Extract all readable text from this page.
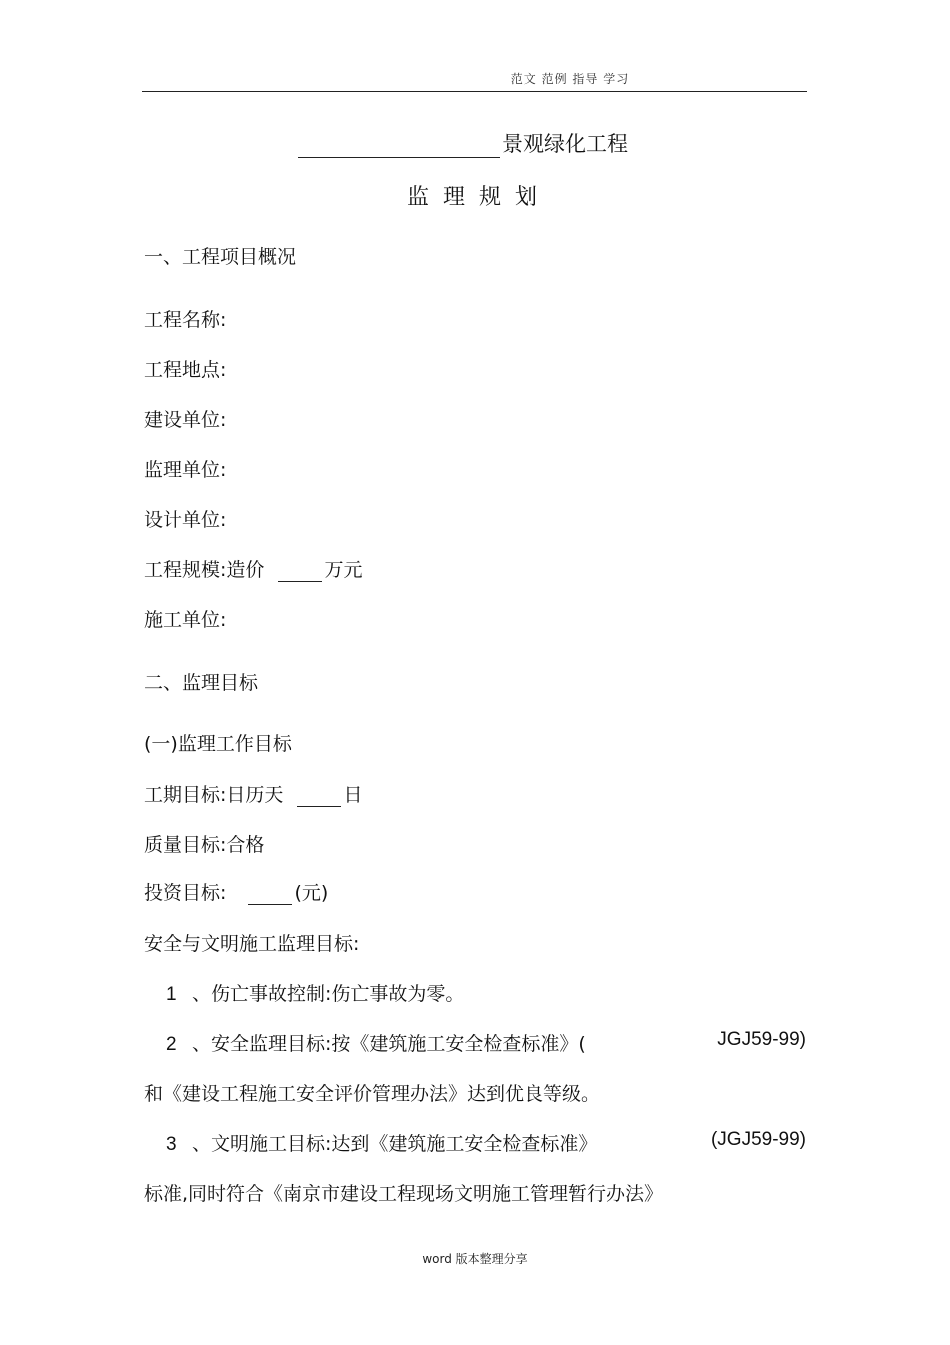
范文 范例 指导 学习
景观绿化工程
监理规划
一、工程项目概况
工程名称:
工程地点:
建设单位:
监理单位:
设计单位:
工程规模:造价	万元
施工单位:
二、监理目标
(一)监理工作目标
工期目标:日历天	日
质量目标:合格
投资目标:	(元)
安全与文明施工监理目标:
1 、伤亡事故控制:伤亡事故为零。
2 、安全监理目标:按《建筑施工安全检查标准》(	JGJ59-99)
和《建设工程施工安全评价管理办法》达到优良等级。
3 、文明施工目标:达到《建筑施工安全检查标准》	(JGJ59-99)
标准,同时符合《南京市建设工程现场文明施工管理暂行办法》
word 版本整理分享
